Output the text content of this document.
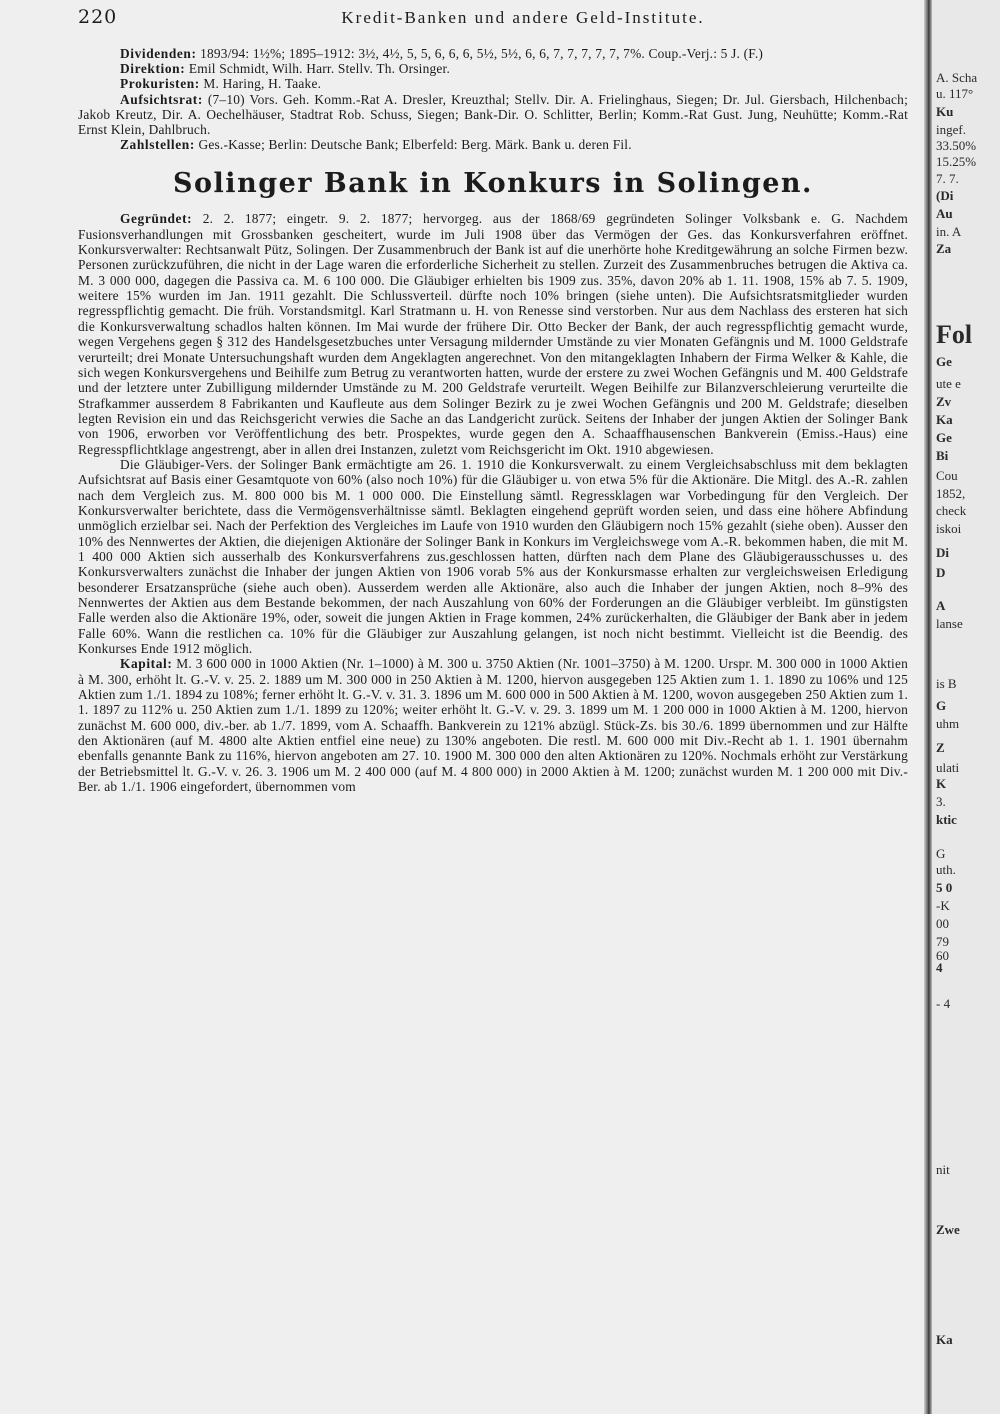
220	Kredit-Banken und andere Geld-Institute.

Dividenden: 1893/94: 1½%; 1895–1912: 3½, 4½, 5, 5, 6, 6, 6, 5½, 5½, 6, 6, 7, 7, 7, 7, 7, 7%. Coup.-Verj.: 5 J. (F.)

Direktion: Emil Schmidt, Wilh. Harr. Stellv. Th. Orsinger.

Prokuristen: M. Haring, H. Taake.

Aufsichtsrat: (7–10) Vors. Geh. Komm.-Rat A. Dresler, Kreuzthal; Stellv. Dir. A. Frielinghaus, Siegen; Dr. Jul. Giersbach, Hilchenbach; Jakob Kreutz, Dir. A. Oechelhäuser, Stadtrat Rob. Schuss, Siegen; Bank-Dir. O. Schlitter, Berlin; Komm.-Rat Gust. Jung, Neuhütte; Komm.-Rat Ernst Klein, Dahlbruch.

Zahlstellen: Ges.-Kasse; Berlin: Deutsche Bank; Elberfeld: Berg. Märk. Bank u. deren Fil.

Solinger Bank in Konkurs in Solingen.

Gegründet: 2. 2. 1877; eingetr. 9. 2. 1877; hervorgeg. aus der 1868/69 gegründeten Solinger Volksbank e. G. Nachdem Fusionsverhandlungen mit Grossbanken gescheitert, wurde im Juli 1908 über das Vermögen der Ges. das Konkursverfahren eröffnet. Konkursverwalter: Rechtsanwalt Pütz, Solingen. Der Zusammenbruch der Bank ist auf die unerhörte hohe Kreditgewährung an solche Firmen bezw. Personen zurückzuführen, die nicht in der Lage waren die erforderliche Sicherheit zu stellen. Zurzeit des Zusammenbruches betrugen die Aktiva ca. M. 3 000 000, dagegen die Passiva ca. M. 6 100 000. Die Gläubiger erhielten bis 1909 zus. 35%, davon 20% ab 1. 11. 1908, 15% ab 7. 5. 1909, weitere 15% wurden im Jan. 1911 gezahlt. Die Schlussverteil. dürfte noch 10% bringen (siehe unten). Die Aufsichtsratsmitglieder wurden regresspflichtig gemacht. Die früh. Vorstandsmitgl. Karl Stratmann u. H. von Renesse sind verstorben. Nur aus dem Nachlass des ersteren hat sich die Konkursverwaltung schadlos halten können. Im Mai wurde der frühere Dir. Otto Becker der Bank, der auch regresspflichtig gemacht wurde, wegen Vergehens gegen § 312 des Handelsgesetzbuches unter Versagung mildernder Umstände zu vier Monaten Gefängnis und M. 1000 Geldstrafe verurteilt; drei Monate Untersuchungshaft wurden dem Angeklagten angerechnet. Von den mitangeklagten Inhabern der Firma Welker & Kahle, die sich wegen Konkursvergehens und Beihilfe zum Betrug zu verantworten hatten, wurde der erstere zu zwei Wochen Gefängnis und M. 400 Geldstrafe und der letztere unter Zubilligung mildernder Umstände zu M. 200 Geldstrafe verurteilt. Wegen Beihilfe zur Bilanzverschleierung verurteilte die Strafkammer ausserdem 8 Fabrikanten und Kaufleute aus dem Solinger Bezirk zu je zwei Wochen Gefängnis und 200 M. Geldstrafe; dieselben legten Revision ein und das Reichsgericht verwies die Sache an das Landgericht zurück. Seitens der Inhaber der jungen Aktien der Solinger Bank von 1906, erworben vor Veröffentlichung des betr. Prospektes, wurde gegen den A. Schaaffhausenschen Bankverein (Emiss.-Haus) eine Regresspflichtklage angestrengt, aber in allen drei Instanzen, zuletzt vom Reichsgericht im Okt. 1910 abgewiesen.

Die Gläubiger-Vers. der Solinger Bank ermächtigte am 26. 1. 1910 die Konkursverwalt. zu einem Vergleichsabschluss mit dem beklagten Aufsichtsrat auf Basis einer Gesamtquote von 60% (also noch 10%) für die Gläubiger u. von etwa 5% für die Aktionäre. Die Mitgl. des A.-R. zahlen nach dem Vergleich zus. M. 800 000 bis M. 1 000 000. Die Einstellung sämtl. Regressklagen war Vorbedingung für den Vergleich. Der Konkursverwalter berichtete, dass die Vermögensverhältnisse sämtl. Beklagten eingehend geprüft worden seien, und dass eine höhere Abfindung unmöglich erzielbar sei. Nach der Perfektion des Vergleiches im Laufe von 1910 wurden den Gläubigern noch 15% gezahlt (siehe oben). Ausser den 10% des Nennwertes der Aktien, die diejenigen Aktionäre der Solinger Bank in Konkurs im Vergleichswege vom A.-R. bekommen haben, die mit M. 1 400 000 Aktien sich ausserhalb des Konkursverfahrens zus.geschlossen hatten, dürften nach dem Plane des Gläubigerausschusses u. des Konkursverwalters zunächst die Inhaber der jungen Aktien von 1906 vorab 5% aus der Konkursmasse erhalten zur vergleichsweisen Erledigung besonderer Ersatzansprüche (siehe auch oben). Ausserdem werden alle Aktionäre, also auch die Inhaber der jungen Aktien, noch 8–9% des Nennwertes der Aktien aus dem Bestande bekommen, der nach Auszahlung von 60% der Forderungen an die Gläubiger verbleibt. Im günstigsten Falle werden also die Aktionäre 19%, oder, soweit die jungen Aktien in Frage kommen, 24% zurückerhalten, die Gläubiger der Bank aber in jedem Falle 60%. Wann die restlichen ca. 10% für die Gläubiger zur Auszahlung gelangen, ist noch nicht bestimmt. Vielleicht ist die Beendig. des Konkurses Ende 1912 möglich.

Kapital: M. 3 600 000 in 1000 Aktien (Nr. 1–1000) à M. 300 u. 3750 Aktien (Nr. 1001–3750) à M. 1200. Urspr. M. 300 000 in 1000 Aktien à M. 300, erhöht lt. G.-V. v. 25. 2. 1889 um M. 300 000 in 250 Aktien à M. 1200, hiervon ausgegeben 125 Aktien zum 1. 1. 1890 zu 106% und 125 Aktien zum 1./1. 1894 zu 108%; ferner erhöht lt. G.-V. v. 31. 3. 1896 um M. 600 000 in 500 Aktien à M. 1200, wovon ausgegeben 250 Aktien zum 1. 1. 1897 zu 112% u. 250 Aktien zum 1./1. 1899 zu 120%; weiter erhöht lt. G.-V. v. 29. 3. 1899 um M. 1 200 000 in 1000 Aktien à M. 1200, hiervon zunächst M. 600 000, div.-ber. ab 1./7. 1899, vom A. Schaaffh. Bankverein zu 121% abzügl. Stück-Zs. bis 30./6. 1899 übernommen und zur Hälfte den Aktionären (auf M. 4800 alte Aktien entfiel eine neue) zu 130% angeboten. Die restl. M. 600 000 mit Div.-Recht ab 1. 1. 1901 übernahm ebenfalls genannte Bank zu 116%, hiervon angeboten am 27. 10. 1900 M. 300 000 den alten Aktionären zu 120%. Nochmals erhöht zur Verstärkung der Betriebsmittel lt. G.-V. v. 26. 3. 1906 um M. 2 400 000 (auf M. 4 800 000) in 2000 Aktien à M. 1200; zunächst wurden M. 1 200 000 mit Div.-Ber. ab 1./1. 1906 eingefordert, übernommen vom

A. Scha
u. 117°
Ku
ingef.
33.50%
15.25%
7. 7.
(Di
Au
in. A
Za
Fol
Ge
ute e
Zv
Ka
Ge
Bi
Cou
1852,
check
iskoi
Di
D
A
lanse
is B
G
uhm
Z
ulati
K
3.
ktic
G
uth.
5 0
-K
00
79
60
4
- 4
nit
Zwe
Ka
